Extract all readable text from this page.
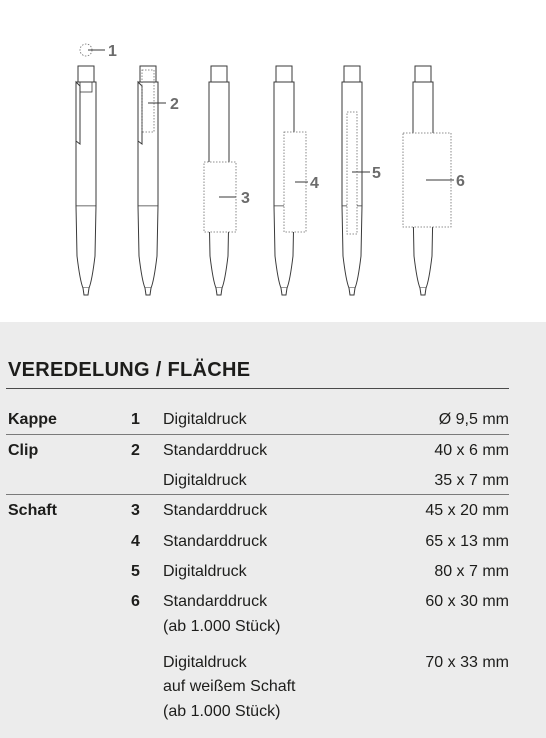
1
2
3
4
5	6
VEREDELUNG / FLÄCHE
Kappe	1 Digitaldruck	Ø 9,5 mm
Clip	2 Standarddruck	40 x 6 mm
Digitaldruck	35 x 7 mm
Schaft	3 Standarddruck	45 x 20 mm
4 Standarddruck	65 x 13 mm
5 Digitaldruck	80 x 7 mm
6 Standarddruck	60 x 30 mm
(ab 1.000 Stück)
Digitaldruck	70 x 33 mm
auf weißem Schaft
(ab 1.000 Stück)
